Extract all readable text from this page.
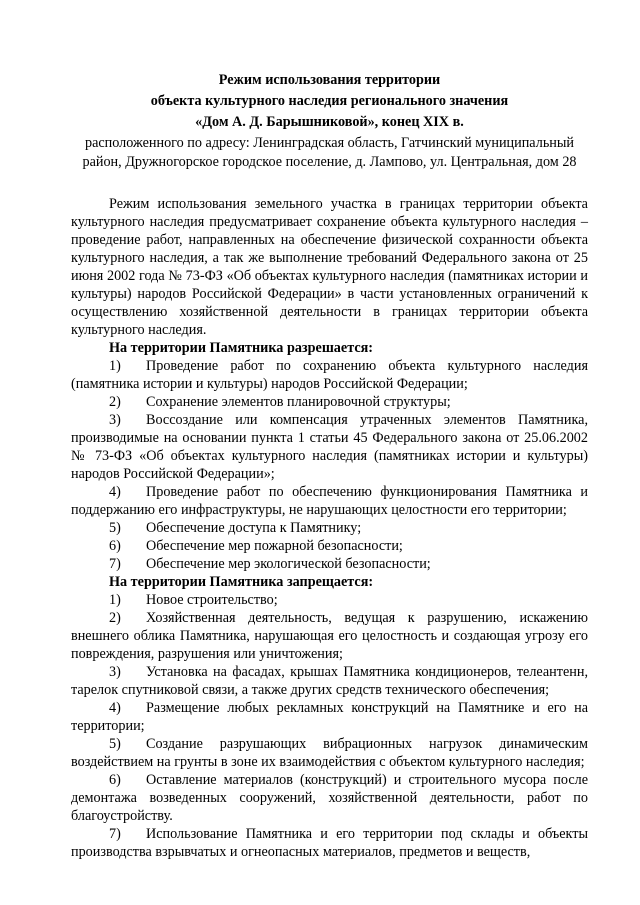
Режим использования территории
объекта культурного наследия регионального значения
«Дом А. Д. Барышниковой», конец XIX в.
расположенного по адресу: Ленинградская область, Гатчинский муниципальный
район, Дружногорское городское поселение, д. Лампово, ул. Центральная, дом 28

Режим использования земельного участка в границах территории объекта культурного наследия предусматривает сохранение объекта культурного наследия – проведение работ, направленных на обеспечение физической сохранности объекта культурного наследия, а так же выполнение требований Федерального закона от 25 июня 2002 года № 73-ФЗ «Об объектах культурного наследия (памятниках истории и культуры) народов Российской Федерации» в части установленных ограничений к осуществлению хозяйственной деятельности в границах территории объекта культурного наследия.

На территории Памятника разрешается:

1) Проведение работ по сохранению объекта культурного наследия (памятника истории и культуры) народов Российской Федерации;

2) Сохранение элементов планировочной структуры;

3) Воссоздание или компенсация утраченных элементов Памятника, производимые на основании пункта 1 статьи 45 Федерального закона от 25.06.2002 № 73-ФЗ «Об объектах культурного наследия (памятниках истории и культуры) народов Российской Федерации»;

4) Проведение работ по обеспечению функционирования Памятника и поддержанию его инфраструктуры, не нарушающих целостности его территории;

5) Обеспечение доступа к Памятнику;

6) Обеспечение мер пожарной безопасности;

7) Обеспечение мер экологической безопасности;

На территории Памятника запрещается:

1) Новое строительство;

2) Хозяйственная деятельность, ведущая к разрушению, искажению внешнего облика Памятника, нарушающая его целостность и создающая угрозу его повреждения, разрушения или уничтожения;

3) Установка на фасадах, крышах Памятника кондиционеров, телеантенн, тарелок спутниковой связи, а также других средств технического обеспечения;

4) Размещение любых рекламных конструкций на Памятнике и его на территории;

5) Создание разрушающих вибрационных нагрузок динамическим воздействием на грунты в зоне их взаимодействия с объектом культурного наследия;

6) Оставление материалов (конструкций) и строительного мусора после демонтажа возведенных сооружений, хозяйственной деятельности, работ по благоустройству.

7) Использование Памятника и его территории под склады и объекты производства взрывчатых и огнеопасных материалов, предметов и веществ,
